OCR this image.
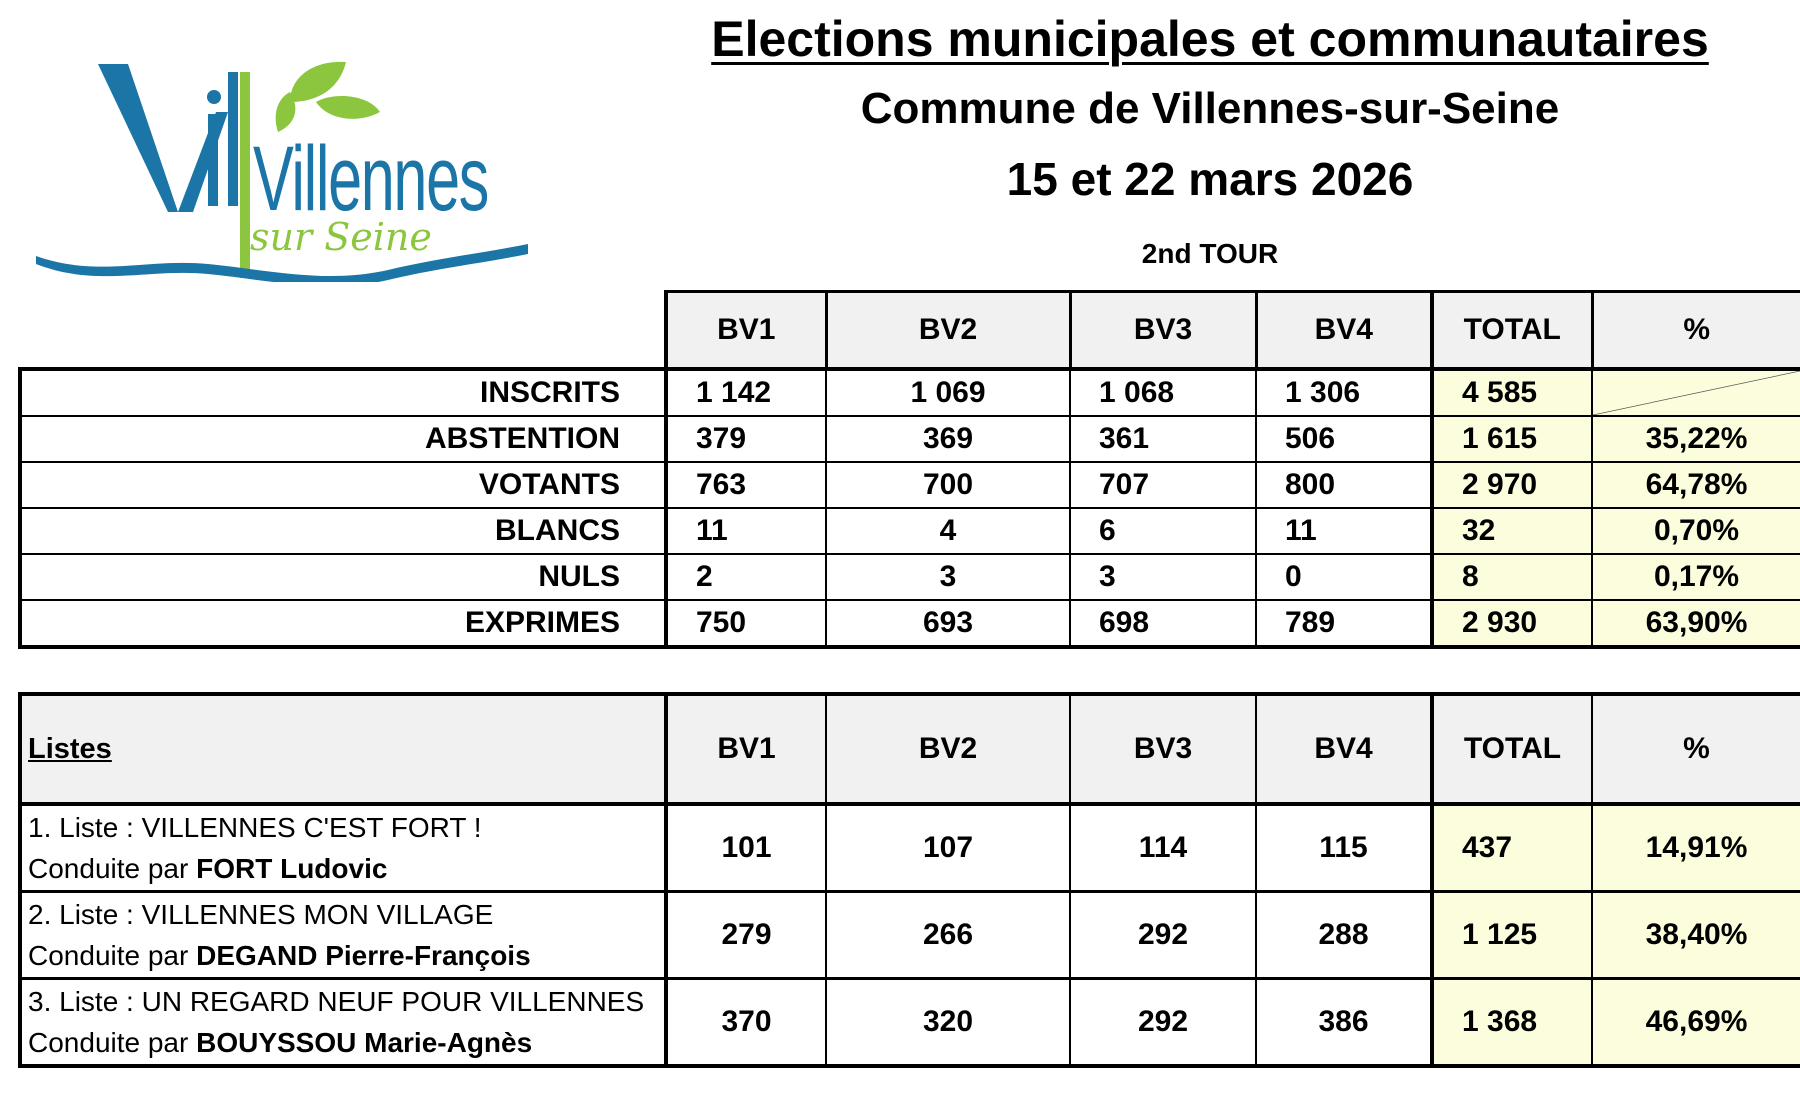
Villennes
sur Seine
Elections municipales et communautaires
Commune de Villennes-sur-Seine
15 et 22 mars 2026
2nd TOUR
	BV1	BV2	BV3	BV4	TOTAL	%
INSCRITS	1 142	1 069	1 068	1 306	4 585	

ABSTENTION	379	369	361	506	1 615	35,22%
VOTANTS	763	700	707	800	2 970	64,78%
BLANCS	11	4	6	11	32	0,70%
NULS	2	3	3	0	8	0,17%
EXPRIMES	750	693	698	789	2 930	63,90%
Listes	BV1	BV2	BV3	BV4	TOTAL	%
1. Liste : VILLENNES C'EST FORT !
Conduite par FORT Ludovic	101	107	114	115	437	14,91%
2. Liste : VILLENNES MON VILLAGE
Conduite par DEGAND Pierre-François	279	266	292	288	1 125	38,40%
3. Liste : UN REGARD NEUF POUR VILLENNES
Conduite par BOUYSSOU Marie-Agnès	370	320	292	386	1 368	46,69%
